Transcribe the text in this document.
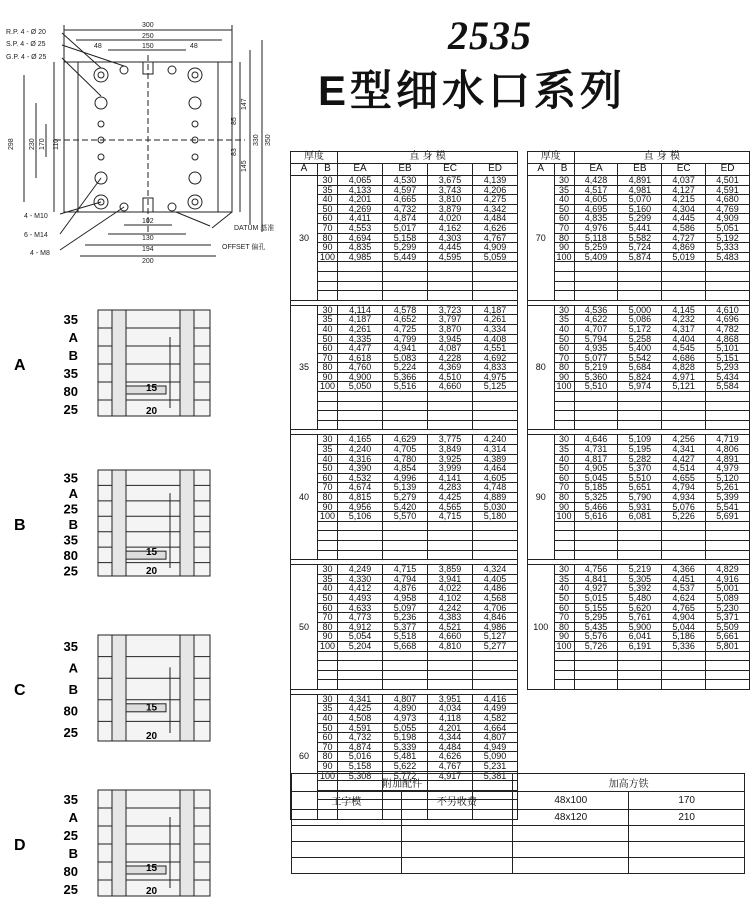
2535
E型细水口系列
R.P. 4 - Ø 20
S.P. 4 - Ø 25
G.P. 4 - Ø 25
4 - M10
6 - M14
4 - M8
DATUM 基准
OFFSET 偏孔
300
250
150
48	48
102
130
194
200
147
85
83
145
330 350
298 230 170 110
35
A
B
35
80
25
15
20
A
35
A
25
B
35
80
25
15
20
B
35
A
B
80
25
15
20
C
35
A
25
B
80
25
15
20
D
厚度		直 身 模			
A	B	EA	EB	EC	ED
30	30	4,065	4,530	3,675	4,139
	35	4,133	4,597	3,743	4,206
	40	4,201	4,665	3,810	4,275
	50	4,269	4,732	3,879	4,342
	60	4,411	4,874	4,020	4,484
	70	4,553	5,017	4,162	4,626
	80	4,694	5,158	4,303	4,767
	90	4,835	5,299	4,445	4,909
	100	4,985	5,449	4,595	5,059

35	30	4,114	4,578	3,723	4,187
	35	4,187	4,652	3,797	4,261
	40	4,261	4,725	3,870	4,334
	50	4,335	4,799	3,945	4,408
	60	4,477	4,941	4,087	4,551
	70	4,618	5,083	4,228	4,692
	80	4,760	5,224	4,369	4,833
	90	4,900	5,366	4,510	4,975
	100	5,050	5,516	4,660	5,125

40	30	4,165	4,629	3,775	4,240
	35	4,240	4,705	3,849	4,314
	40	4,316	4,780	3,925	4,389
	50	4,390	4,854	3,999	4,464
	60	4,532	4,996	4,141	4,605
	70	4,674	5,139	4,283	4,748
	80	4,815	5,279	4,425	4,889
	90	4,956	5,420	4,565	5,030
	100	5,106	5,570	4,715	5,180

50	30	4,249	4,715	3,859	4,324
	35	4,330	4,794	3,941	4,405
	40	4,412	4,876	4,022	4,486
	50	4,493	4,958	4,102	4,568
	60	4,633	5,097	4,242	4,706
	70	4,773	5,236	4,383	4,846
	80	4,912	5,377	4,521	4,986
	90	5,054	5,518	4,660	5,127
	100	5,204	5,668	4,810	5,277

60	30	4,341	4,807	3,951	4,416
	35	4,425	4,890	4,034	4,499
	40	4,508	4,973	4,118	4,582
	50	4,591	5,055	4,201	4,664
	60	4,732	5,198	4,344	4,807
	70	4,874	5,339	4,484	4,949
	80	5,016	5,481	4,626	5,090
	90	5,158	5,622	4,767	5,231
	100	5,308	5,772	4,917	5,381

厚度		直 身 模			
A	B	EA	EB	EC	ED
70	30	4,428	4,891	4,037	4,501
	35	4,517	4,981	4,127	4,591
	40	4,605	5,070	4,215	4,680
	50	4,695	5,160	4,304	4,769
	60	4,835	5,299	4,445	4,909
	70	4,976	5,441	4,586	5,051
	80	5,118	5,582	4,727	5,192
	90	5,259	5,724	4,869	5,333
	100	5,409	5,874	5,019	5,483

80	30	4,536	5,000	4,145	4,610
	35	4,622	5,086	4,232	4,696
	40	4,707	5,172	4,317	4,782
	50	5,794	5,258	4,404	4,868
	60	4,935	5,400	4,545	5,101
	70	5,077	5,542	4,686	5,151
	80	5,219	5,684	4,828	5,293
	90	5,360	5,824	4,971	5,434
	100	5,510	5,974	5,121	5,584

90	30	4,646	5,109	4,256	4,719
	35	4,731	5,195	4,341	4,806
	40	4,817	5,282	4,427	4,891
	50	4,905	5,370	4,514	4,979
	60	5,045	5,510	4,655	5,120
	70	5,185	5,651	4,794	5,261
	80	5,325	5,790	4,934	5,399
	90	5,466	5,931	5,076	5,541
	100	5,616	6,081	5,226	5,691

100	30	4,756	5,219	4,366	4,829
	35	4,841	5,305	4,451	4,916
	40	4,927	5,392	4,537	5,001
	50	5,015	5,480	4,624	5,089
	60	5,155	5,620	4,765	5,230
	70	5,295	5,761	4,904	5,371
	80	5,435	5,900	5,044	5,509
	90	5,576	6,041	5,186	5,661
	100	5,726	6,191	5,336	5,801

附加配件		加高方铁	
工字模	不另收费	48x100	170
		48x120	210
